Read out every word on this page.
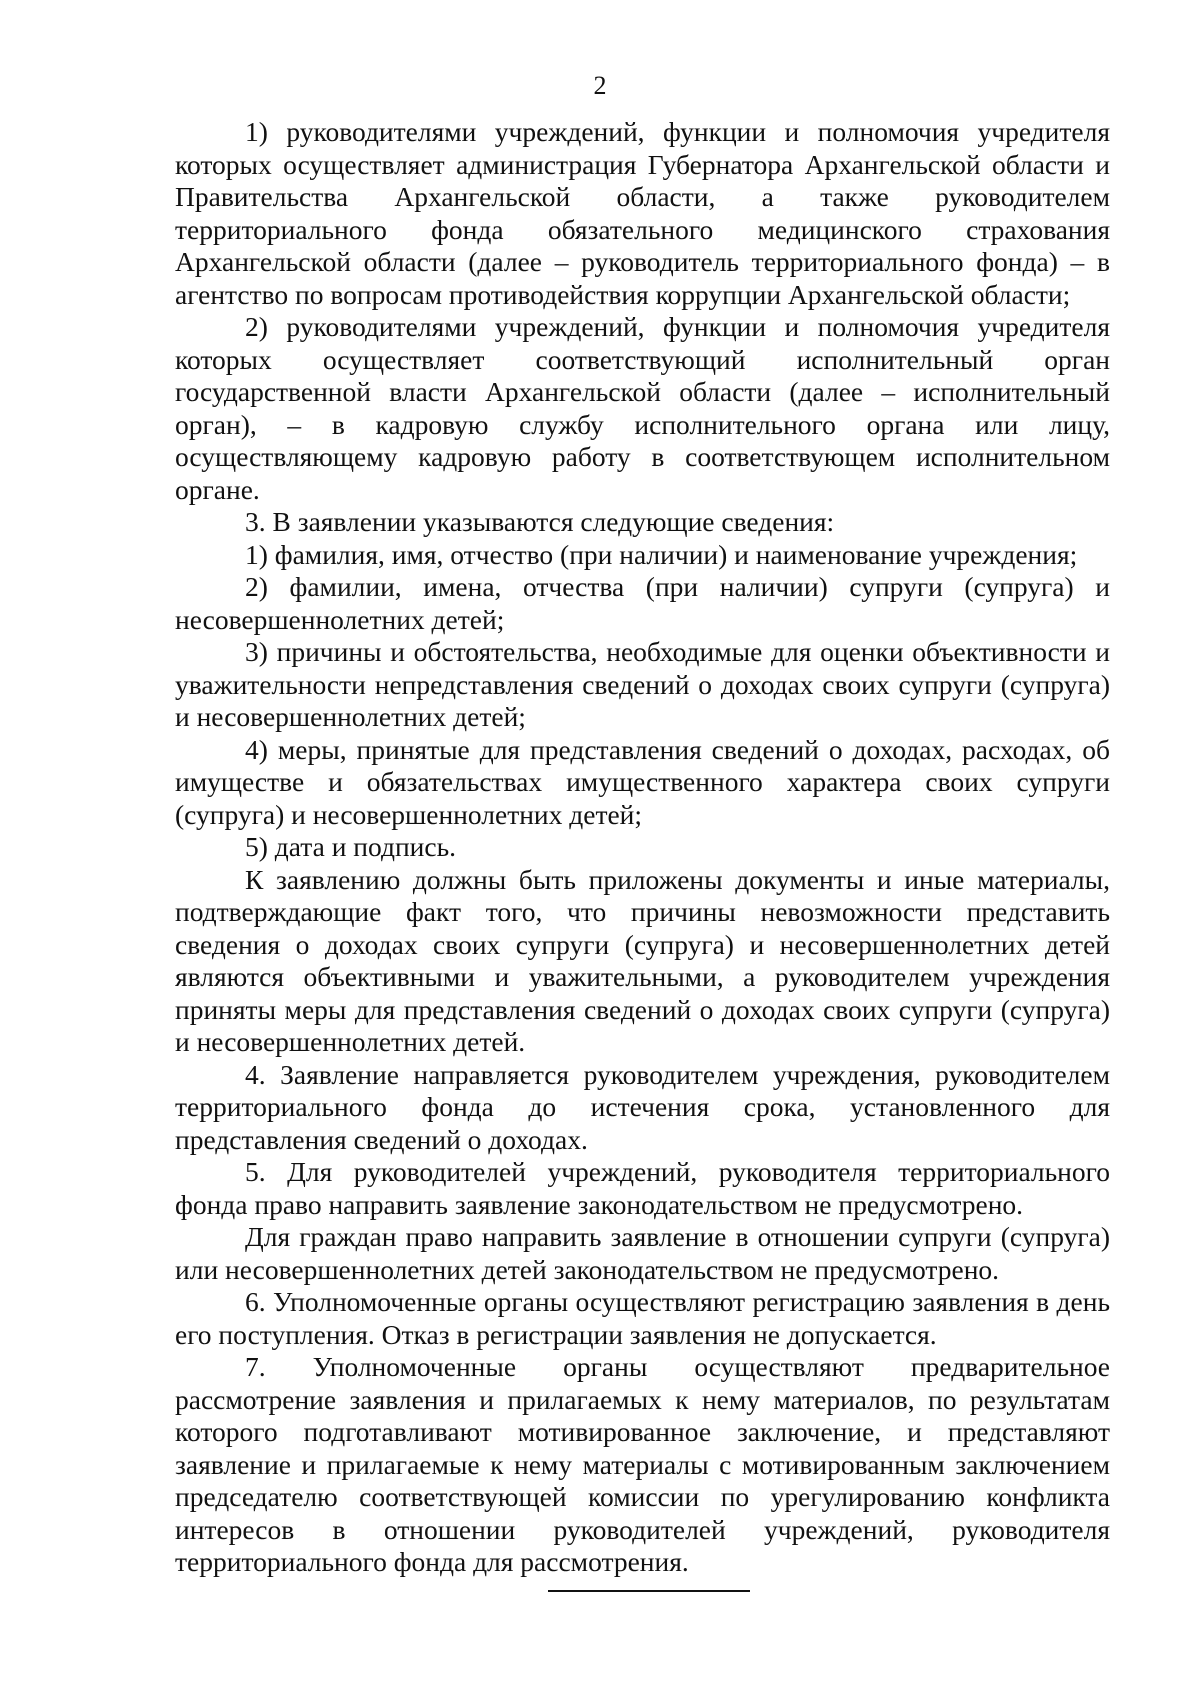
2

1) руководителями учреждений, функции и полномочия учредителя которых осуществляет администрация Губернатора Архангельской области и Правительства Архангельской области, а также руководителем территориального фонда обязательного медицинского страхования Архангельской области (далее – руководитель территориального фонда) – в агентство по вопросам противодействия коррупции Архангельской области;

2) руководителями учреждений, функции и полномочия учредителя которых осуществляет соответствующий исполнительный орган государственной власти Архангельской области (далее – исполнительный орган), – в кадровую службу исполнительного органа или лицу, осуществляющему кадровую работу в соответствующем исполнительном органе.

3. В заявлении указываются следующие сведения:

1) фамилия, имя, отчество (при наличии) и наименование учреждения;

2) фамилии, имена, отчества (при наличии) супруги (супруга) и несовершеннолетних детей;

3) причины и обстоятельства, необходимые для оценки объективности и уважительности непредставления сведений о доходах своих супруги (супруга) и несовершеннолетних детей;

4) меры, принятые для представления сведений о доходах, расходах, об имуществе и обязательствах имущественного характера своих супруги (супруга) и несовершеннолетних детей;

5) дата и подпись.

К заявлению должны быть приложены документы и иные материалы, подтверждающие факт того, что причины невозможности представить сведения о доходах своих супруги (супруга) и несовершеннолетних детей являются объективными и уважительными, а руководителем учреждения приняты меры для представления сведений о доходах своих супруги (супруга) и несовершеннолетних детей.

4. Заявление направляется руководителем учреждения, руководителем территориального фонда до истечения срока, установленного для представления сведений о доходах.

5. Для руководителей учреждений, руководителя территориального фонда право направить заявление законодательством не предусмотрено.

Для граждан право направить заявление в отношении супруги (супруга) или несовершеннолетних детей законодательством не предусмотрено.

6. Уполномоченные органы осуществляют регистрацию заявления в день его поступления. Отказ в регистрации заявления не допускается.

7. Уполномоченные органы осуществляют предварительное рассмотрение заявления и прилагаемых к нему материалов, по результатам которого подготавливают мотивированное заключение, и представляют заявление и прилагаемые к нему материалы с мотивированным заключением председателю соответствующей комиссии по урегулированию конфликта интересов в отношении руководителей учреждений, руководителя территориального фонда для рассмотрения.
